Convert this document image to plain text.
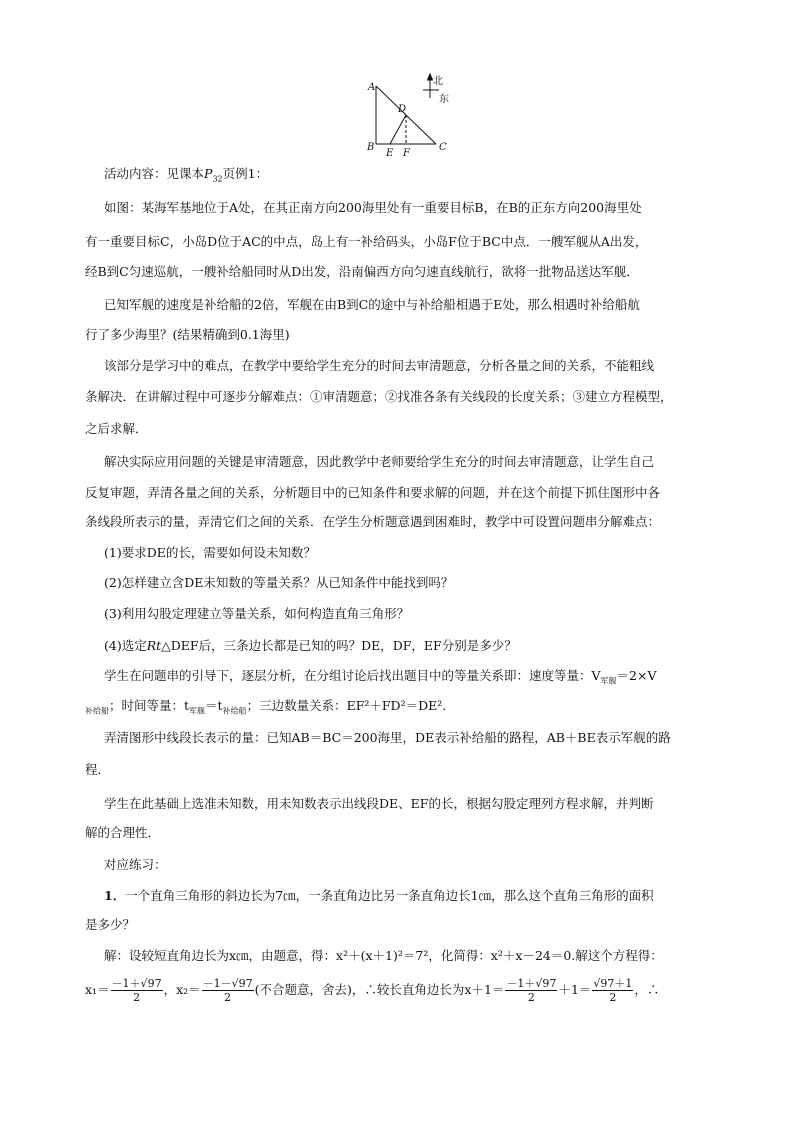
A
B	C
D
E F
北
东

活动内容：见课本$P_{32}$页例1：

如图：某海军基地位于A处，在其正南方向200海里处有一重要目标B，在B的正东方向200海里处

有一重要目标C，小岛D位于AC的中点，岛上有一补给码头，小岛F位于BC中点．一艘军舰从A出发，

经B到C匀速巡航，一艘补给船同时从D出发，沿南偏西方向匀速直线航行，欲将一批物品送达军舰．

已知军舰的速度是补给船的2倍，军舰在由B到C的途中与补给船相遇于E处，那么相遇时补给船航

行了多少海里？(结果精确到0.1海里)

该部分是学习中的难点，在教学中要给学生充分的时间去审清题意，分析各量之间的关系，不能粗线

条解决．在讲解过程中可逐步分解难点：①审清题意；②找准各条有关线段的长度关系；③建立方程模型，

之后求解．

解决实际应用问题的关键是审清题意，因此教学中老师要给学生充分的时间去审清题意，让学生自己

反复审题，弄清各量之间的关系，分析题目中的已知条件和要求解的问题，并在这个前提下抓住图形中各

条线段所表示的量，弄清它们之间的关系．在学生分析题意遇到困难时，教学中可设置问题串分解难点：

(1)要求DE的长，需要如何设未知数？

(2)怎样建立含DE未知数的等量关系？从已知条件中能找到吗？

(3)利用勾股定理建立等量关系，如何构造直角三角形？

(4)选定Rt△DEF后，三条边长都是已知的吗？DE，DF，EF分别是多少？

学生在问题串的引导下，逐层分析，在分组讨论后找出题目中的等量关系即：速度等量：$V_{军舰}=2\times V$

$_{补给船}$；时间等量：$t_{军舰}=t_{补给船}$；三边数量关系：EF²＋FD²＝DE².

弄清图形中线段长表示的量：已知AB＝BC＝200海里，DE表示补给船的路程，AB＋BE表示军舰的路

程．

学生在此基础上选准未知数，用未知数表示出线段DE、EF的长，根据勾股定理列方程求解，并判断

解的合理性．

对应练习：

1．一个直角三角形的斜边长为7㎝，一条直角边比另一条直角边长1㎝，那么这个直角三角形的面积

是多少？

解：设较短直角边长为x㎝，由题意，得：x²＋(x＋1)²＝7²，化简得：x²＋x－24＝0.解这个方程得：

$x_1= \frac{-1+√97}{2}$ ，$x_2= \frac{-1-√97}{2}$ (不合题意，舍去)，∴较长直角边长为$x+1= \frac{-1+√97}{2} +1= \frac{√97+1}{2}$ ，∴
